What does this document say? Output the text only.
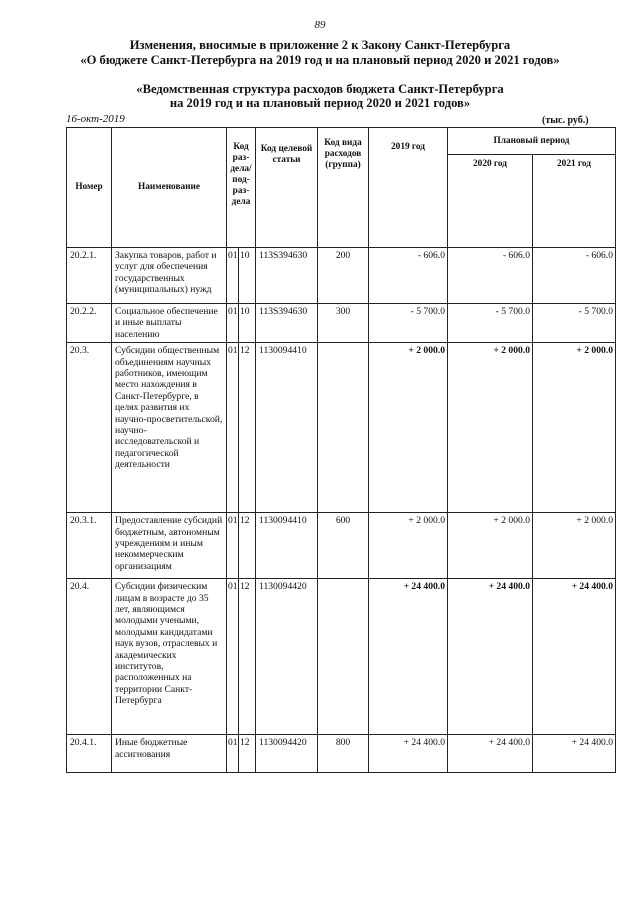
89
Изменения, вносимые в приложение 2 к Закону Санкт-Петербурга
«О бюджете Санкт-Петербурга на 2019 год и на плановый период 2020 и 2021 годов»
«Ведомственная структура расходов бюджета Санкт-Петербурга
на 2019 год и на плановый период 2020 и 2021 годов»
16-окт-2019	(тыс. руб.)
Номер	Наименование	Код раз- дела/ под- раз- дела		Код целевой статьи	Код вида расходов (группа)	2019 год	Плановый период	
							2020 год	2021 год
20.2.1.	Закупка товаров, работ и услуг для обеспечения государственных (муниципальных) нужд	01	10	113S394630	200	- 606.0	- 606.0	- 606.0
20.2.2.	Социальное обеспечение и иные выплаты населению	01	10	113S394630	300	- 5 700.0	- 5 700.0	- 5 700.0
20.3.	Субсидии общественным объединениям научных работников, имеющим место нахождения в Санкт-Петербурге, в целях развития их научно-просветительской, научно-исследовательской и педагогической деятельности	01	12	1130094410		+ 2 000.0	+ 2 000.0	+ 2 000.0
20.3.1.	Предоставление субсидий бюджетным, автономным учреждениям и иным некоммерческим организациям	01	12	1130094410	600	+ 2 000.0	+ 2 000.0	+ 2 000.0
20.4.	Субсидии физическим лицам в возрасте до 35 лет, являющимся молодыми учеными, молодыми кандидатами наук вузов, отраслевых и академических институтов, расположенных на территории Санкт-Петербурга	01	12	1130094420		+ 24 400.0	+ 24 400.0	+ 24 400.0
20.4.1.	Иные бюджетные ассигнования	01	12	1130094420	800	+ 24 400.0	+ 24 400.0	+ 24 400.0
